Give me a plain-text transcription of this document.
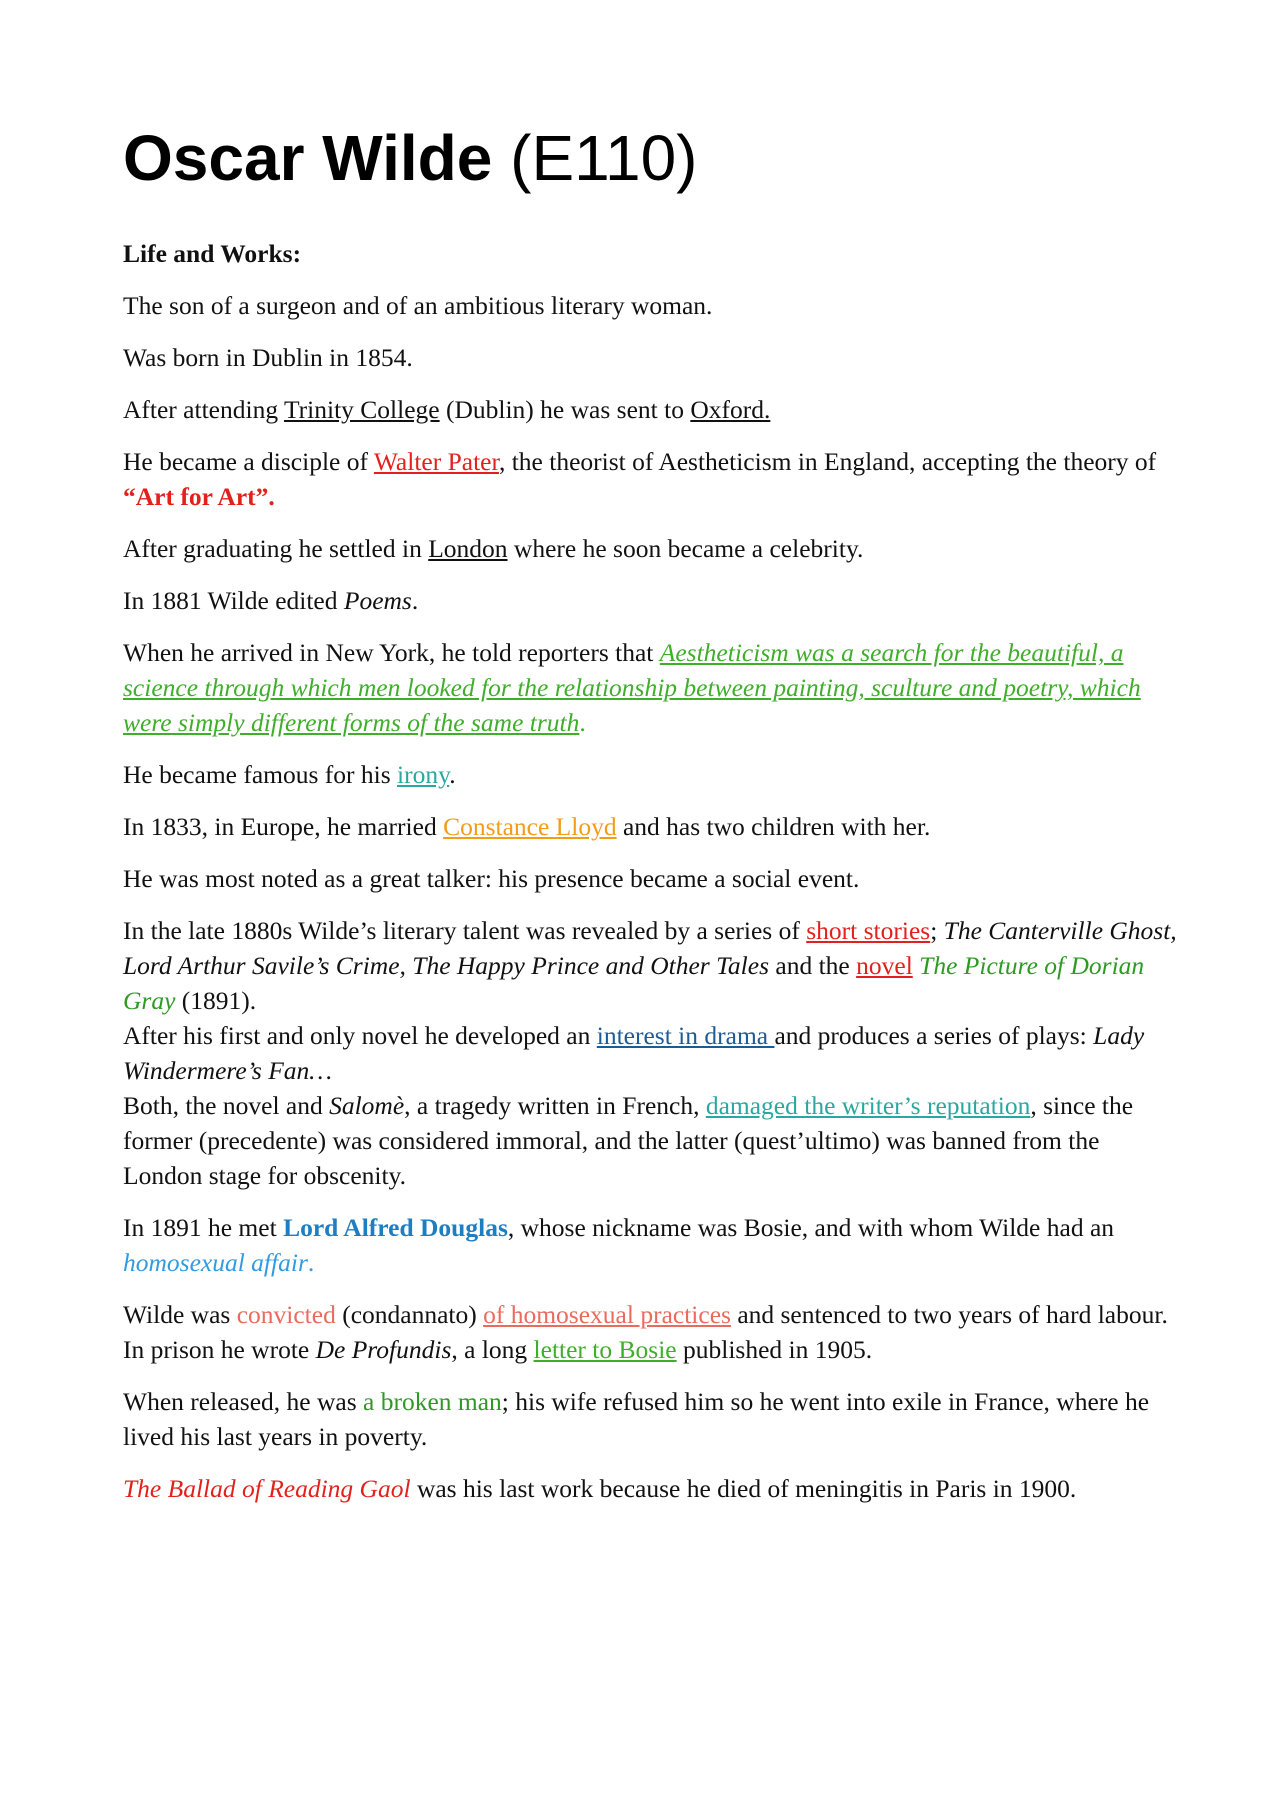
Oscar Wilde (E110)
Life and Works:

The son of a surgeon and of an ambitious literary woman.

Was born in Dublin in 1854.

After attending Trinity College (Dublin) he was sent to Oxford.

He became a disciple of Walter Pater, the theorist of Aestheticism in England, accepting the theory of “Art for Art”.

After graduating he settled in London where he soon became a celebrity.

In 1881 Wilde edited Poems.

When he arrived in New York, he told reporters that Aestheticism was a search for the beautiful, a science through which men looked for the relationship between painting, sculture and poetry, which were simply different forms of the same truth.

He became famous for his irony.

In 1833, in Europe, he married Constance Lloyd and has two children with her.

He was most noted as a great talker: his presence became a social event.

In the late 1880s Wilde’s literary talent was revealed by a series of short stories; The Canterville Ghost, Lord Arthur Savile’s Crime, The Happy Prince and Other Tales and the novel The Picture of Dorian Gray (1891).

After his first and only novel he developed an interest in drama and produces a series of plays: Lady Windermere’s Fan…

Both, the novel and Salomè, a tragedy written in French, damaged the writer’s reputation, since the former (precedente) was considered immoral, and the latter (quest’ultimo) was banned from the London stage for obscenity.

In 1891 he met Lord Alfred Douglas, whose nickname was Bosie, and with whom Wilde had an homosexual affair.

Wilde was convicted (condannato) of homosexual practices and sentenced to two years of hard labour.

In prison he wrote De Profundis, a long letter to Bosie published in 1905.

When released, he was a broken man; his wife refused him so he went into exile in France, where he lived his last years in poverty.

The Ballad of Reading Gaol was his last work because he died of meningitis in Paris in 1900.
